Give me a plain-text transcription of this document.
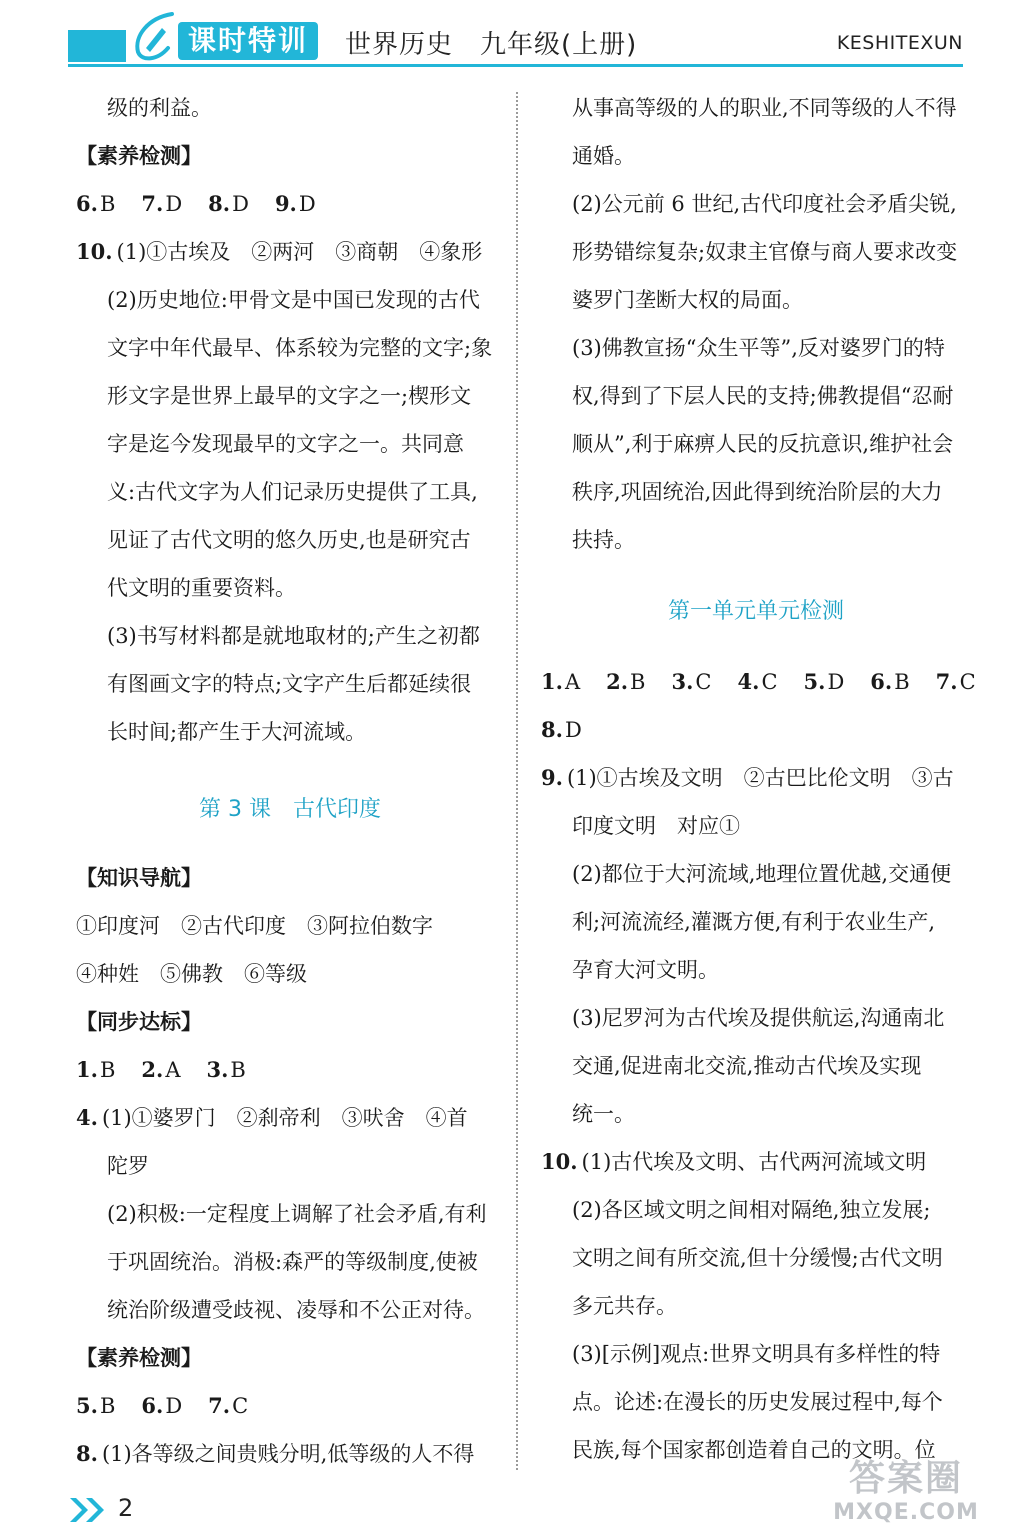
课时特训	世界历史　九年级(上册)	KESHITEXUN
级的利益。
【素养检测】
6.B 7.D 8.D 9.D
10. (1)①古埃及　②两河　③商朝　④象形
(2)历史地位:甲骨文是中国已发现的古代
文字中年代最早、体系较为完整的文字;象
形文字是世界上最早的文字之一;楔形文
字是迄今发现最早的文字之一。共同意
义:古代文字为人们记录历史提供了工具,
见证了古代文明的悠久历史,也是研究古
代文明的重要资料。
(3)书写材料都是就地取材的;产生之初都
有图画文字的特点;文字产生后都延续很
长时间;都产生于大河流域。
第 3 课　古代印度
【知识导航】
①印度河　②古代印度　③阿拉伯数字
④种姓　⑤佛教　⑥等级
【同步达标】
1.B 2.A 3.B
4. (1)①婆罗门　②刹帝利　③吠舍　④首
陀罗
(2)积极:一定程度上调解了社会矛盾,有利
于巩固统治。消极:森严的等级制度,使被
统治阶级遭受歧视、凌辱和不公正对待。
【素养检测】
5.B 6.D 7.C
8. (1)各等级之间贵贱分明,低等级的人不得
从事高等级的人的职业,不同等级的人不得
通婚。
(2)公元前 6 世纪,古代印度社会矛盾尖锐,
形势错综复杂;奴隶主官僚与商人要求改变
婆罗门垄断大权的局面。
(3)佛教宣扬“众生平等”,反对婆罗门的特
权,得到了下层人民的支持;佛教提倡“忍耐
顺从”,利于麻痹人民的反抗意识,维护社会
秩序,巩固统治,因此得到统治阶层的大力
扶持。
第一单元单元检测
1.A 2.B 3.C 4.C 5.D 6.B 7.C
8.D
9. (1)①古埃及文明　②古巴比伦文明　③古
印度文明　对应①
(2)都位于大河流域,地理位置优越,交通便
利;河流流经,灌溉方便,有利于农业生产,
孕育大河文明。
(3)尼罗河为古代埃及提供航运,沟通南北
交通,促进南北交流,推动古代埃及实现
统一。
10. (1)古代埃及文明、古代两河流域文明
(2)各区域文明之间相对隔绝,独立发展;
文明之间有所交流,但十分缓慢;古代文明
多元共存。
(3)[示例]观点:世界文明具有多样性的特
点。论述:在漫长的历史发展过程中,每个
民族,每个国家都创造着自己的文明。位
2
答案圈
MXQE.COM
